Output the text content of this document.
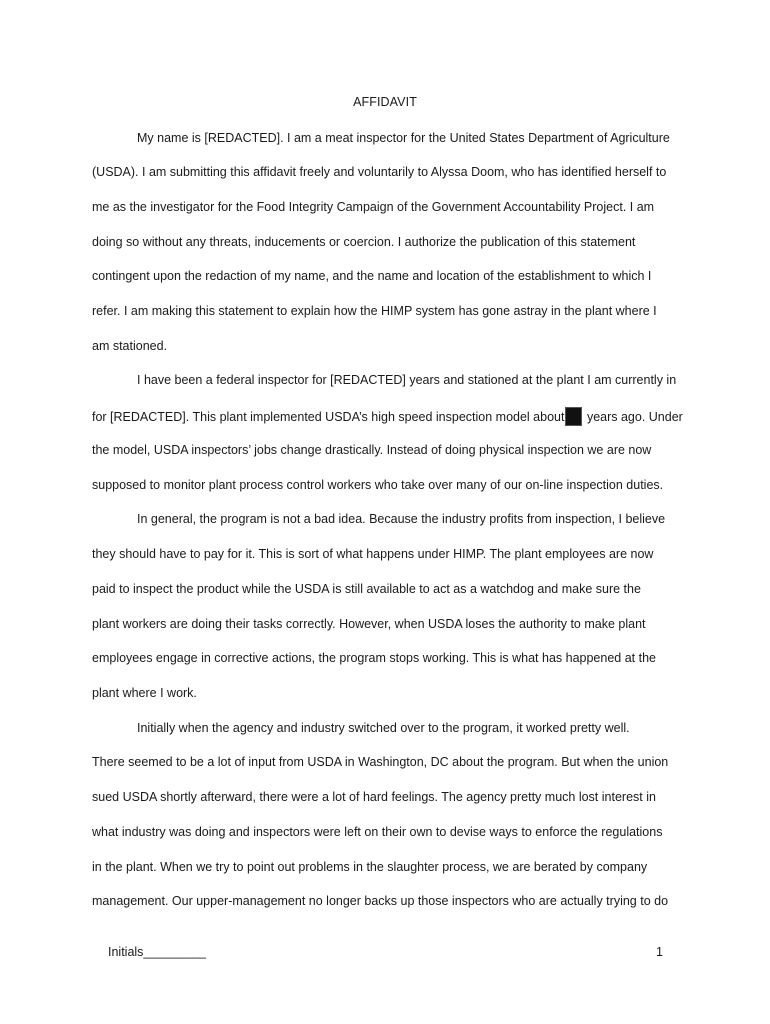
AFFIDAVIT
My name is [REDACTED]. I am a meat inspector for the United States Department of Agriculture
(USDA). I am submitting this affidavit freely and voluntarily to Alyssa Doom, who has identified herself to
me as the investigator for the Food Integrity Campaign of the Government Accountability Project. I am
doing so without any threats, inducements or coercion. I authorize the publication of this statement
contingent upon the redaction of my name, and the name and location of the establishment to which I
refer. I am making this statement to explain how the HIMP system has gone astray in the plant where I
am stationed.
I have been a federal inspector for [REDACTED] years and stationed at the plant I am currently in
for [REDACTED]. This plant implemented USDA’s high speed inspection model about years ago. Under
the model, USDA inspectors’ jobs change drastically. Instead of doing physical inspection we are now
supposed to monitor plant process control workers who take over many of our on-line inspection duties.
In general, the program is not a bad idea. Because the industry profits from inspection, I believe
they should have to pay for it. This is sort of what happens under HIMP. The plant employees are now
paid to inspect the product while the USDA is still available to act as a watchdog and make sure the
plant workers are doing their tasks correctly. However, when USDA loses the authority to make plant
employees engage in corrective actions, the program stops working. This is what has happened at the
plant where I work.
Initially when the agency and industry switched over to the program, it worked pretty well.
There seemed to be a lot of input from USDA in Washington, DC about the program. But when the union
sued USDA shortly afterward, there were a lot of hard feelings. The agency pretty much lost interest in
what industry was doing and inspectors were left on their own to devise ways to enforce the regulations
in the plant. When we try to point out problems in the slaughter process, we are berated by company
management. Our upper-management no longer backs up those inspectors who are actually trying to do
Initials_________	1
